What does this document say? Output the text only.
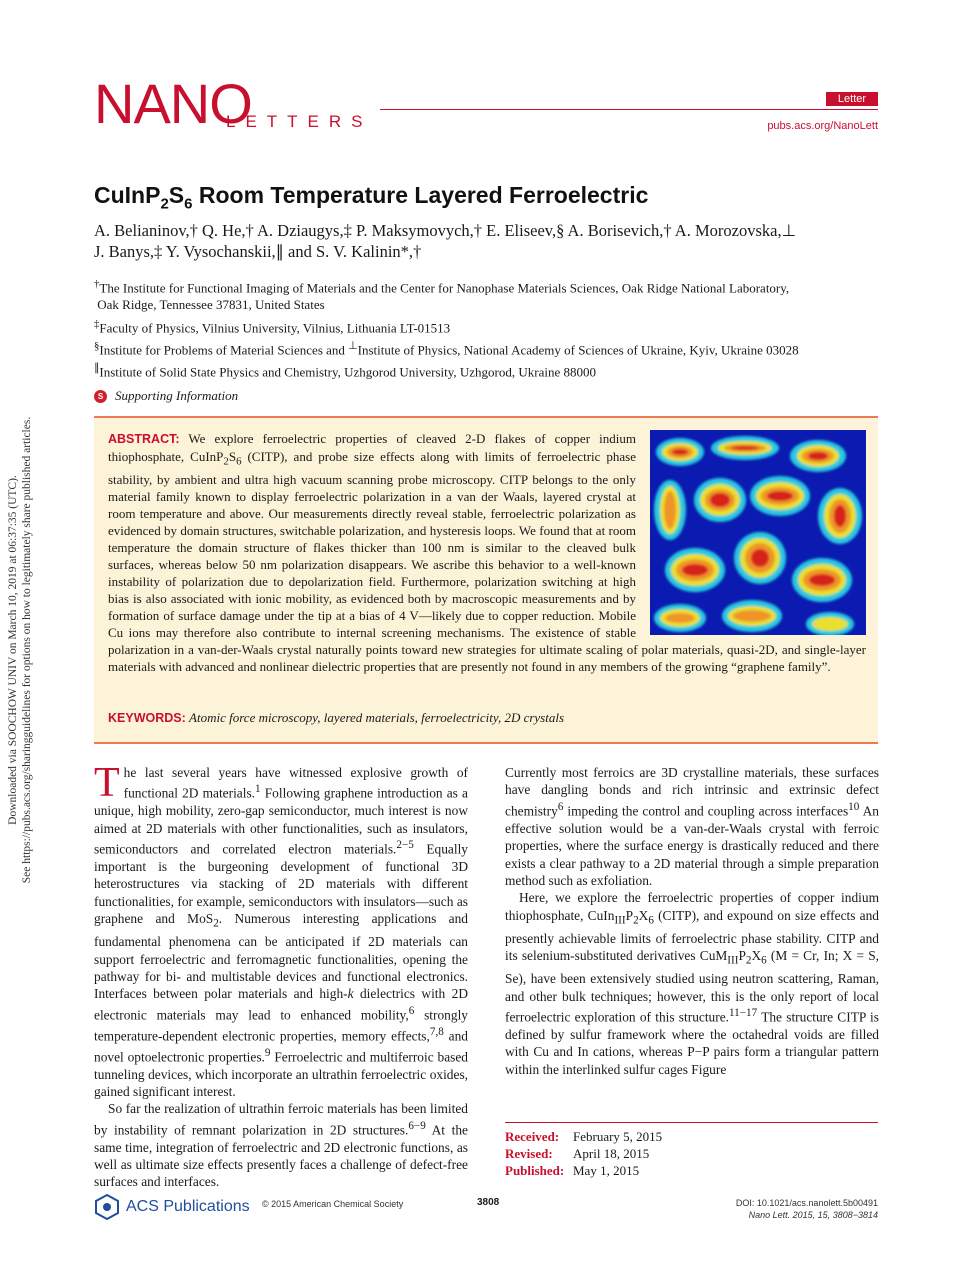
NANO
LETTERS
Letter
pubs.acs.org/NanoLett
Downloaded via SOOCHOW UNIV on March 10, 2019 at 06:37:35 (UTC). See https://pubs.acs.org/sharingguidelines for options on how to legitimately share published articles.
$CuInP_2S_6$ Room Temperature Layered Ferroelectric
A. Belianinov,† Q. He,† A. Dziaugys,‡ P. Maksymovych,† E. Eliseev,§ A. Borisevich,† A. Morozovska,⊥
J. Banys,‡ Y. Vysochanskii,∥ and S. V. Kalinin*,†
†The Institute for Functional Imaging of Materials and the Center for Nanophase Materials Sciences, Oak Ridge National Laboratory,
Oak Ridge, Tennessee 37831, United States
‡Faculty of Physics, Vilnius University, Vilnius, Lithuania LT-01513
§Institute for Problems of Material Sciences and ⊥Institute of Physics, National Academy of Sciences of Ukraine, Kyiv, Ukraine 03028
∥Institute of Solid State Physics and Chemistry, Uzhgorod University, Uzhgorod, Ukraine 88000
S Supporting Information

ABSTRACT: We explore ferroelectric properties of cleaved 2-D flakes of copper indium thiophosphate, $CuInP_2S_6$ (CITP), and probe size effects along with limits of ferroelectric phase stability, by ambient and ultra high vacuum scanning probe microscopy. CITP belongs to the only material family known to display ferroelectric polarization in a van der Waals, layered crystal at room temperature and above. Our measurements directly reveal stable, ferroelectric polarization as evidenced by domain structures, switchable polarization, and hysteresis loops. We found that at room temperature the domain structure of flakes thicker than 100 nm is similar to the cleaved bulk surfaces, whereas below 50 nm polarization disappears. We ascribe this behavior to a well-known instability of polarization due to depolarization field. Furthermore, polarization switching at high bias is also associated with ionic mobility, as evidenced both by macroscopic measurements and by formation of surface damage under the tip at a bias of 4 V—likely due to copper reduction. Mobile Cu ions may therefore also contribute to internal screening mechanisms. The existence of stable polarization in a van-der-Waals crystal naturally points toward new strategies for ultimate scaling of polar materials, quasi-2D, and single-layer materials with advanced and nonlinear dielectric properties that are presently not found in any members of the growing “graphene family”.

KEYWORDS: Atomic force microscopy, layered materials, ferroelectricity, 2D crystals

The last several years have witnessed explosive growth of functional 2D materials.$^1$ Following graphene introduction as a unique, high mobility, zero-gap semiconductor, much interest is now aimed at 2D materials with other functionalities, such as insulators, semiconductors and correlated electron materials.$^{2-5}$ Equally important is the burgeoning development of functional 3D heterostructures via stacking of 2D materials with different functionalities, for example, semiconductors with insulators—such as graphene and MoS$_2$. Numerous interesting applications and fundamental phenomena can be anticipated if 2D materials can support ferroelectric and ferromagnetic functionalities, opening the pathway for bi- and multistable devices and functional electronics. Interfaces between polar materials and high-k dielectrics with 2D electronic materials may lead to enhanced mobility,$^6$ strongly temperature-dependent electronic properties, memory effects,$^{7,8}$ and novel optoelectronic properties.$^9$ Ferroelectric and multiferroic based tunneling devices, which incorporate an ultrathin ferroelectric oxides, gained significant interest.

So far the realization of ultrathin ferroic materials has been limited by instability of remnant polarization in 2D structures.$^{6-9}$ At the same time, integration of ferroelectric and 2D electronic functions, as well as ultimate size effects presently faces a challenge of defect-free surfaces and interfaces.

Currently most ferroics are 3D crystalline materials, these surfaces have dangling bonds and rich intrinsic and extrinsic defect chemistry$^6$ impeding the control and coupling across interfaces$^{10}$ An effective solution would be a van-der-Waals crystal with ferroic properties, where the surface energy is drastically reduced and there exists a clear pathway to a 2D material through a simple preparation method such as exfoliation.

Here, we explore the ferroelectric properties of copper indium thiophosphate, $CuIn_{III}P_2X_6$ (CITP), and expound on size effects and presently achievable limits of ferroelectric phase stability. CITP and its selenium-substituted derivatives $CuM_{III}P_2X_6$ (M = Cr, In; X = S, Se), have been extensively studied using neutron scattering, Raman, and other bulk techniques; however, this is the only report of local ferroelectric exploration of this structure.$^{11-17}$ The structure CITP is defined by sulfur framework where the octahedral voids are filled with Cu and In cations, whereas P−P pairs form a triangular pattern within the interlinked sulfur cages Figure

Received: February 5, 2015
Revised: April 18, 2015
Published: May 1, 2015
ACS Publications © 2015 American Chemical Society	3808	DOI: 10.1021/acs.nanolett.5b00491
Nano Lett. 2015, 15, 3808−3814
